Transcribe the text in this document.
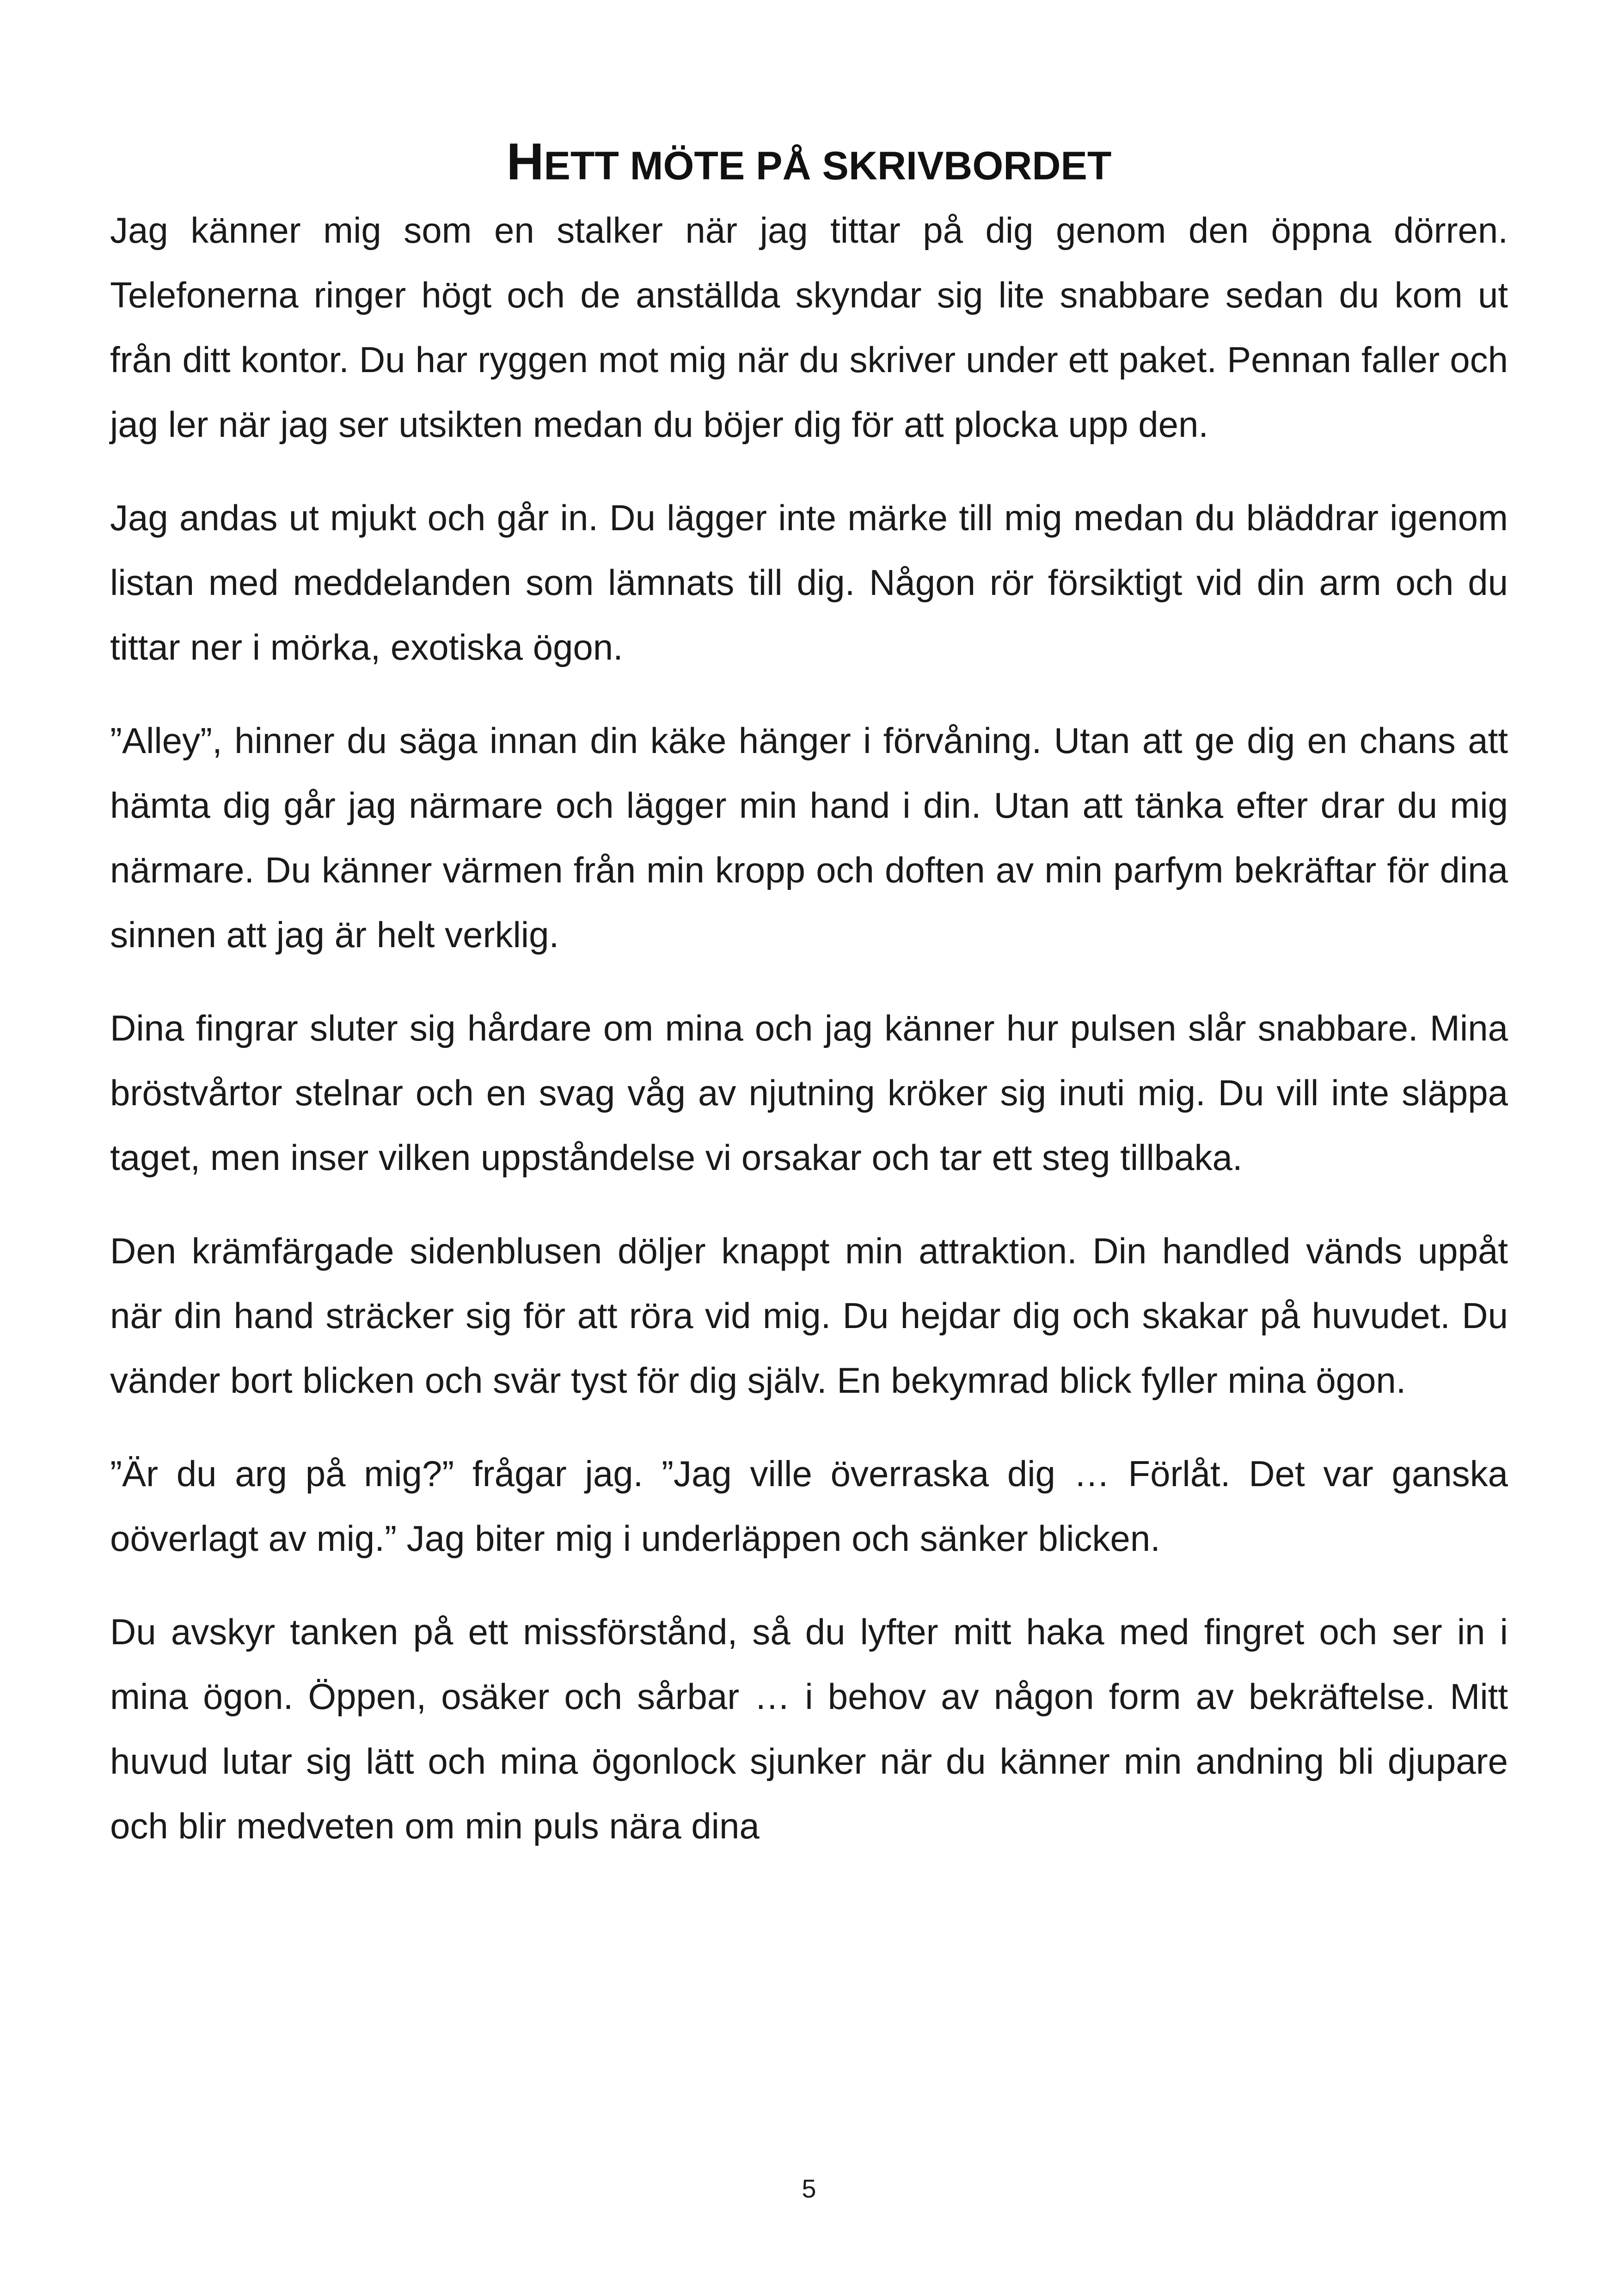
HETT MÖTE PÅ SKRIVBORDET

Jag känner mig som en stalker när jag tittar på dig genom den öppna dörren. Telefonerna ringer högt och de anställda skyndar sig lite snabbare sedan du kom ut från ditt kontor. Du har ryggen mot mig när du skriver under ett paket. Pennan faller och jag ler när jag ser utsikten medan du böjer dig för att plocka upp den.

Jag andas ut mjukt och går in. Du lägger inte märke till mig medan du bläddrar igenom listan med meddelanden som lämnats till dig. Någon rör försiktigt vid din arm och du tittar ner i mörka, exotiska ögon.

”Alley”, hinner du säga innan din käke hänger i förvåning. Utan att ge dig en chans att hämta dig går jag närmare och lägger min hand i din. Utan att tänka efter drar du mig närmare. Du känner värmen från min kropp och doften av min parfym bekräftar för dina sinnen att jag är helt verklig.

Dina fingrar sluter sig hårdare om mina och jag känner hur pulsen slår snabbare. Mina bröstvårtor stelnar och en svag våg av njutning kröker sig inuti mig. Du vill inte släppa taget, men inser vilken uppståndelse vi orsakar och tar ett steg tillbaka.

Den krämfärgade sidenblusen döljer knappt min attraktion. Din handled vänds uppåt när din hand sträcker sig för att röra vid mig. Du hejdar dig och skakar på huvudet. Du vänder bort blicken och svär tyst för dig själv. En bekymrad blick fyller mina ögon.

”Är du arg på mig?” frågar jag. ”Jag ville överraska dig … Förlåt. Det var ganska oöverlagt av mig.” Jag biter mig i underläppen och sänker blicken.

Du avskyr tanken på ett missförstånd, så du lyfter mitt haka med fingret och ser in i mina ögon. Öppen, osäker och sårbar … i behov av någon form av bekräftelse. Mitt huvud lutar sig lätt och mina ögonlock sjunker när du känner min andning bli djupare och blir medveten om min puls nära dina

5
